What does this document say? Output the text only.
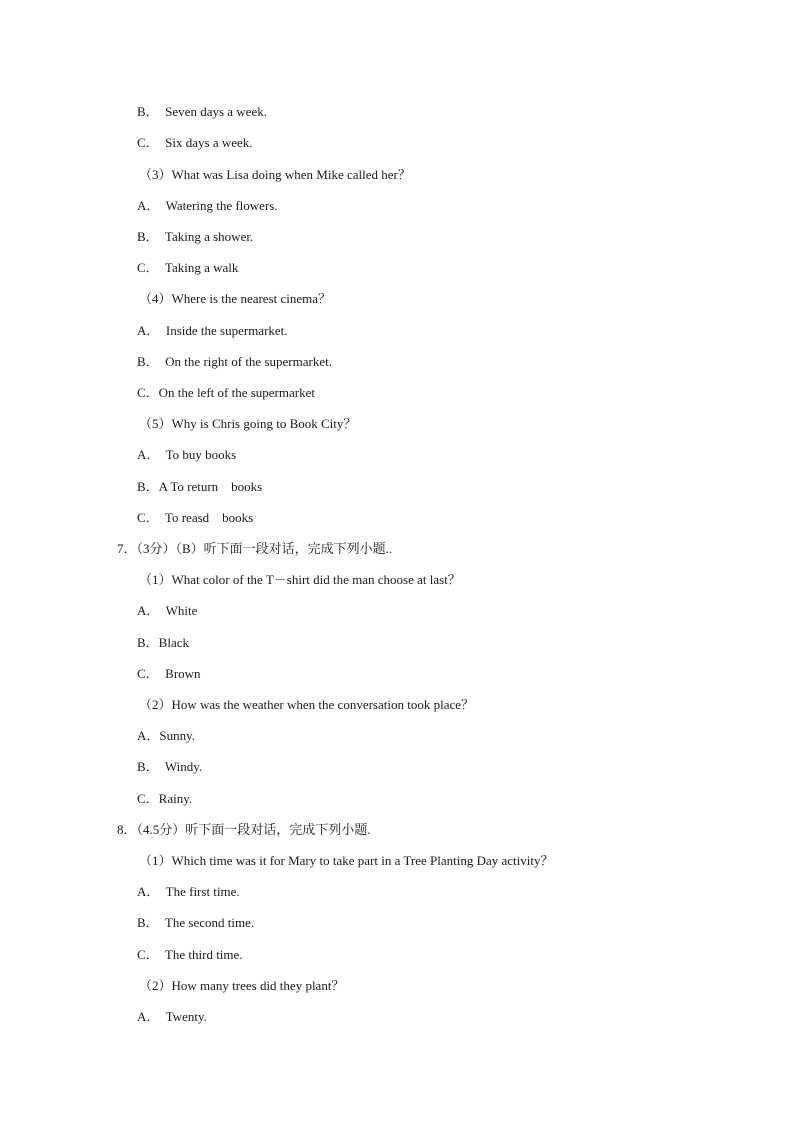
B．  Seven days a week.
C．  Six days a week.
（3）What was Lisa doing when Mike called her？
A．  Watering the flowers.
B．  Taking a shower.
C．  Taking a walk
（4）Where is the nearest cinema？
A．  Inside the supermarket.
B．  On the right of the supermarket.
C．On the left of the supermarket
（5）Why is Chris going to Book City？
A．  To buy books
B．A To return    books
C．  To reasd    books
7．（3分）（B）听下面一段对话，完成下列小题..
（1）What color of the T－shirt did the man choose at last？
A．  White
B．Black
C．  Brown
（2）How was the weather when the conversation took place？
A．Sunny.
B．  Windy.
C．Rainy.
8．（4.5分）听下面一段对话，完成下列小题.
（1）Which time was it for Mary to take part in a Tree Planting Day activity？
A．  The first time.
B．  The second time.
C．  The third time.
（2）How many trees did they plant？
A．  Twenty.
